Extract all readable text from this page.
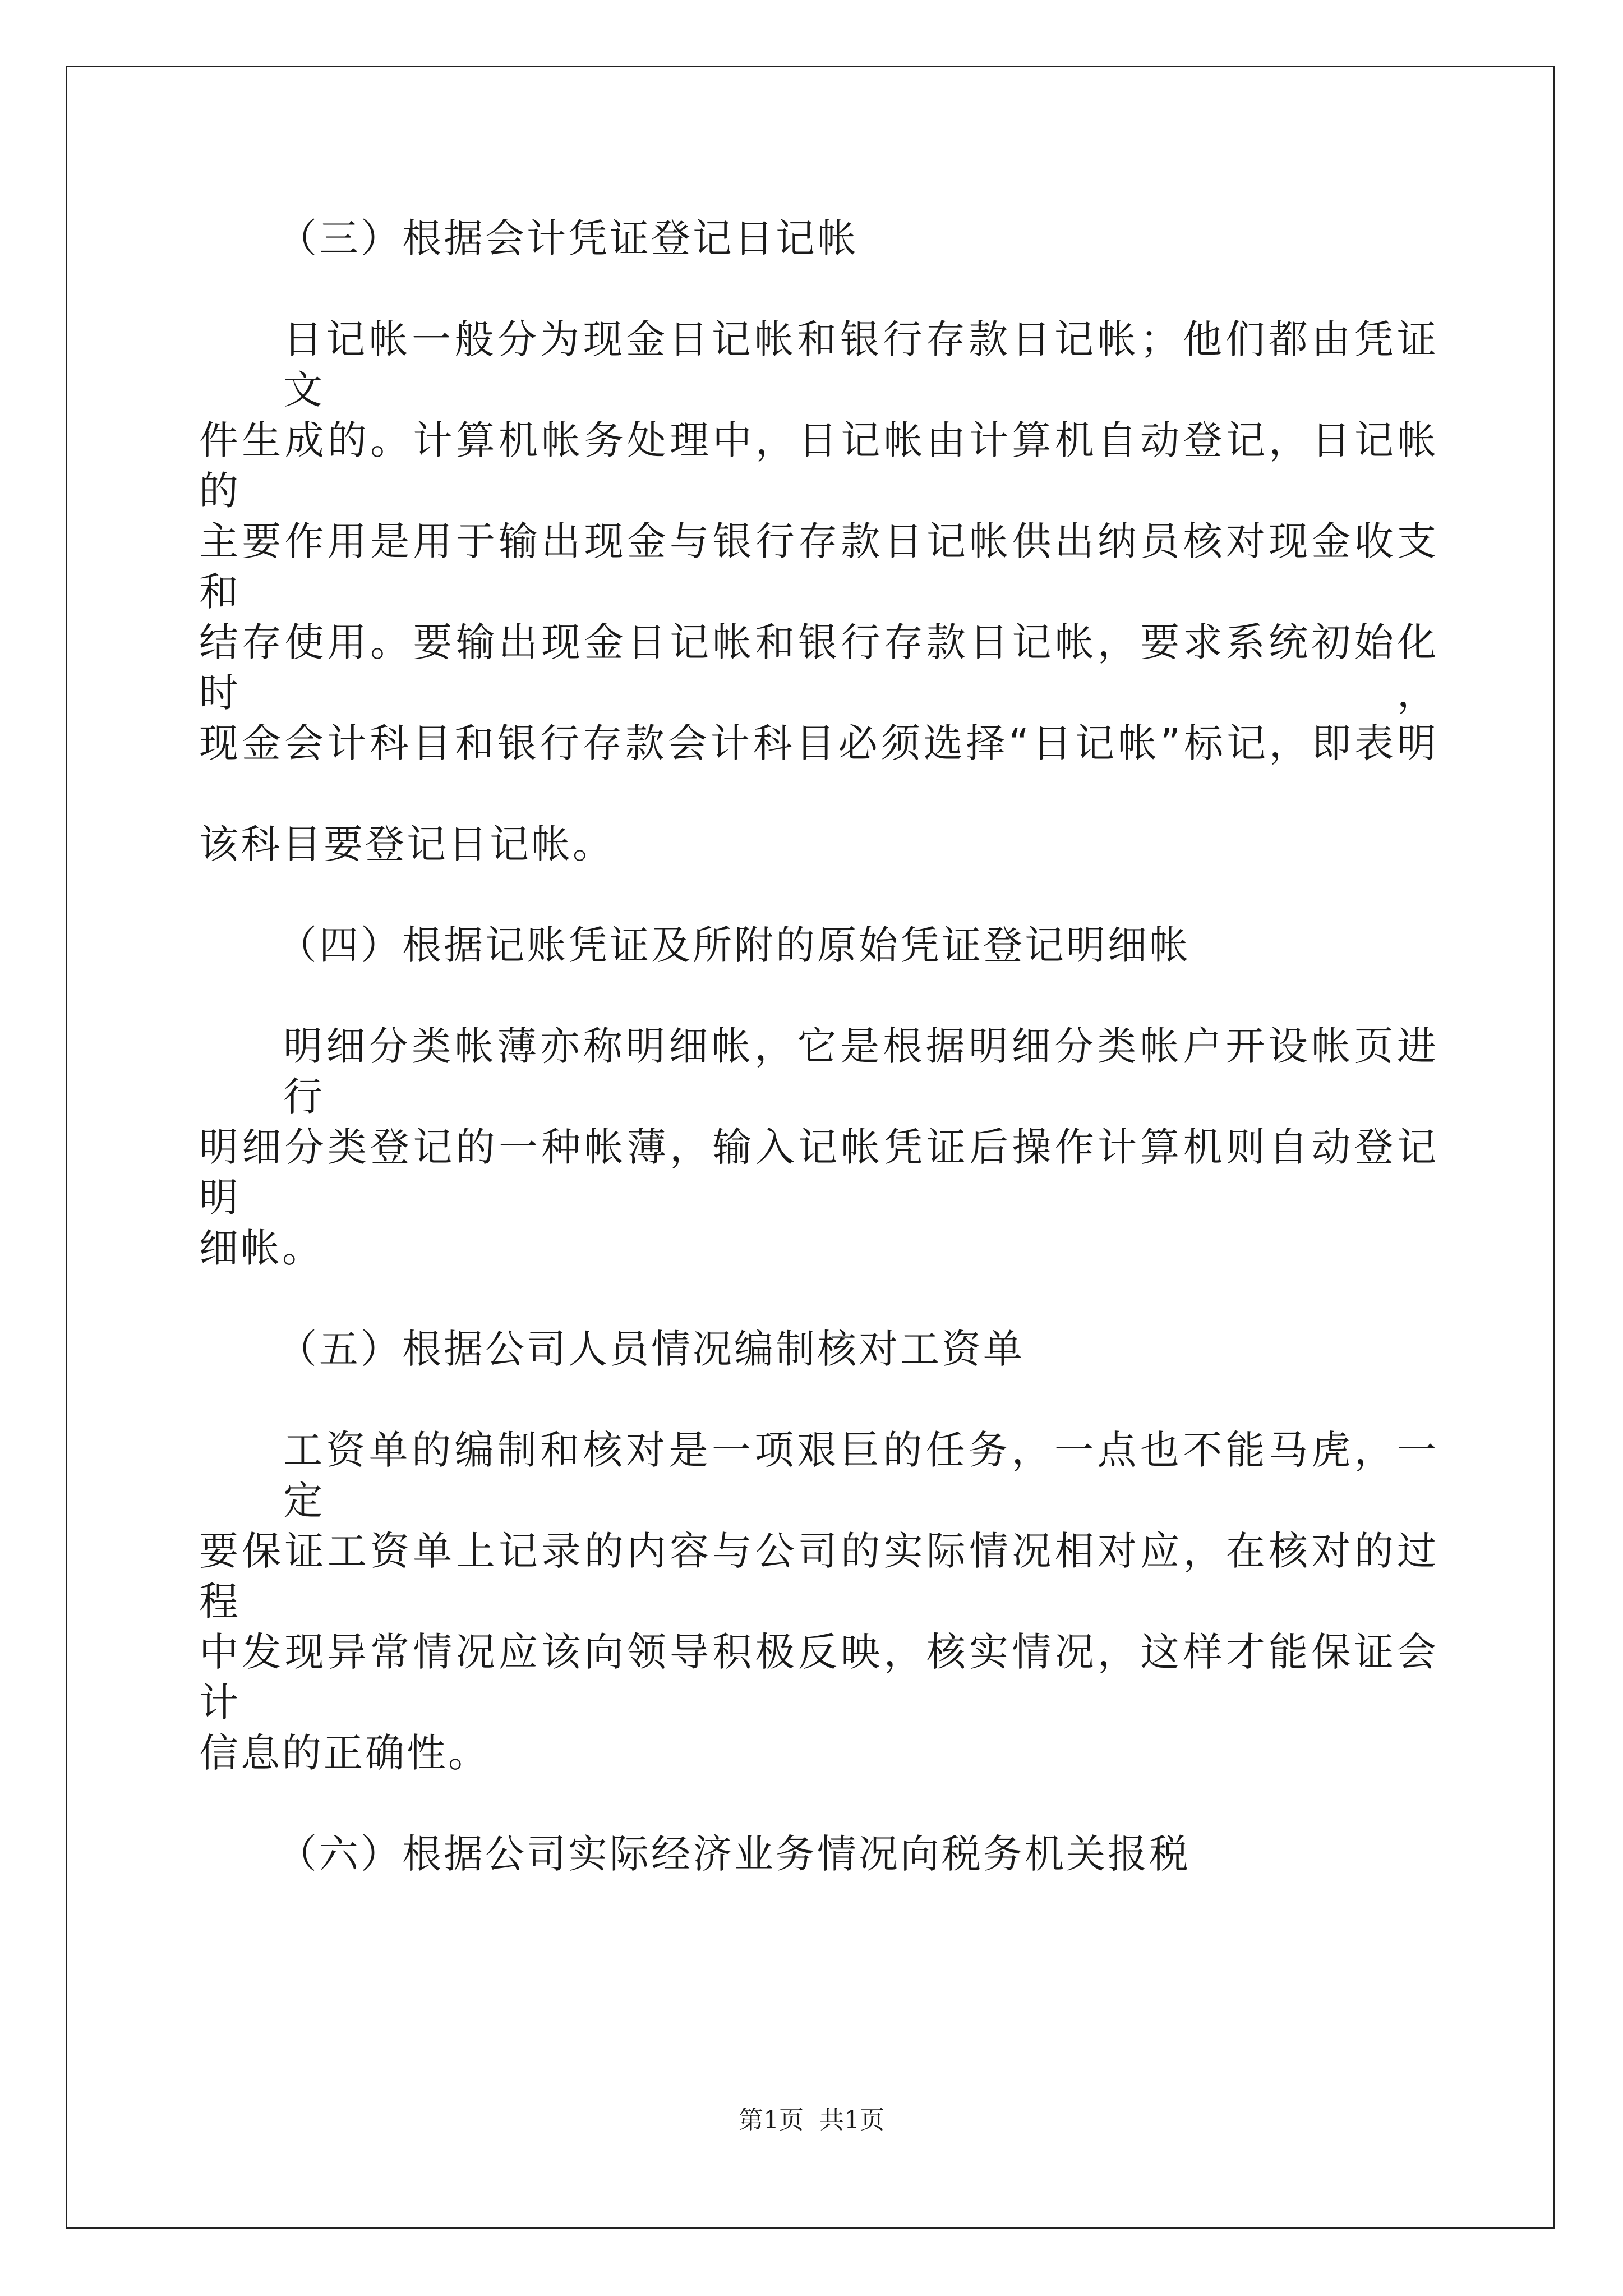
（三）根据会计凭证登记日记帐
日记帐一般分为现金日记帐和银行存款日记帐；他们都由凭证文
件生成的。计算机帐务处理中，日记帐由计算机自动登记，日记帐的
主要作用是用于输出现金与银行存款日记帐供出纳员核对现金收支和
结存使用。要输出现金日记帐和银行存款日记帐，要求系统初始化时，
现金会计科目和银行存款会计科目必须选择“日记帐”标记，即表明
该科目要登记日记帐。
（四）根据记账凭证及所附的原始凭证登记明细帐
明细分类帐薄亦称明细帐，它是根据明细分类帐户开设帐页进行
明细分类登记的一种帐薄，输入记帐凭证后操作计算机则自动登记明
细帐。
（五）根据公司人员情况编制核对工资单
工资单的编制和核对是一项艰巨的任务，一点也不能马虎，一定
要保证工资单上记录的内容与公司的实际情况相对应，在核对的过程
中发现异常情况应该向领导积极反映，核实情况，这样才能保证会计
信息的正确性。
（六）根据公司实际经济业务情况向税务机关报税
第1页 共1页
